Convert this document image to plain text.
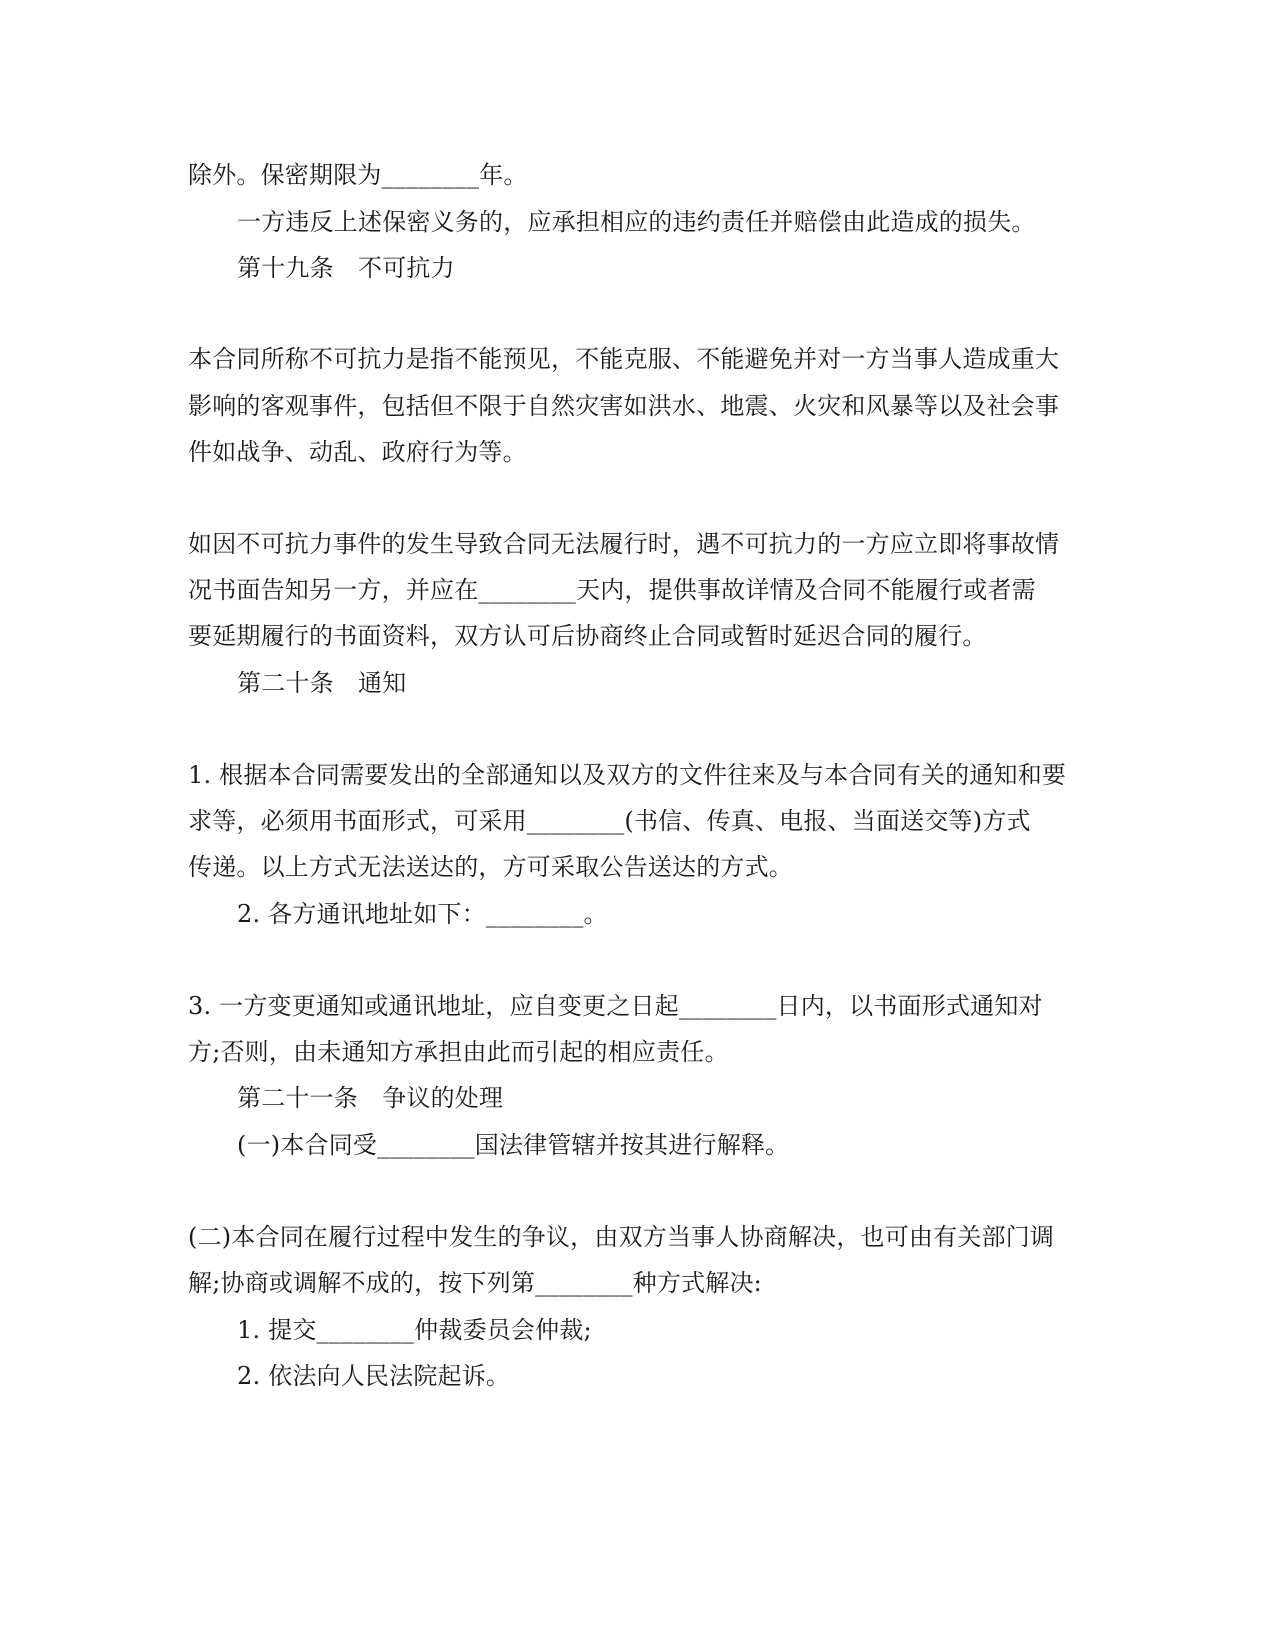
除外。保密期限为________年。
一方违反上述保密义务的，应承担相应的违约责任并赔偿由此造成的损失。
第十九条　不可抗力
本合同所称不可抗力是指不能预见，不能克服、不能避免并对一方当事人造成重大
影响的客观事件，包括但不限于自然灾害如洪水、地震、火灾和风暴等以及社会事
件如战争、动乱、政府行为等。
如因不可抗力事件的发生导致合同无法履行时，遇不可抗力的一方应立即将事故情
况书面告知另一方，并应在________天内，提供事故详情及合同不能履行或者需
要延期履行的书面资料，双方认可后协商终止合同或暂时延迟合同的履行。
第二十条　通知
1. 根据本合同需要发出的全部通知以及双方的文件往来及与本合同有关的通知和要
求等，必须用书面形式，可采用________(书信、传真、电报、当面送交等)方式
传递。以上方式无法送达的，方可采取公告送达的方式。
2. 各方通讯地址如下：________。
3. 一方变更通知或通讯地址，应自变更之日起________日内，以书面形式通知对
方;否则，由未通知方承担由此而引起的相应责任。
第二十一条　争议的处理
(一)本合同受________国法律管辖并按其进行解释。
(二)本合同在履行过程中发生的争议，由双方当事人协商解决，也可由有关部门调
解;协商或调解不成的，按下列第________种方式解决:
1. 提交________仲裁委员会仲裁;
2. 依法向人民法院起诉。
